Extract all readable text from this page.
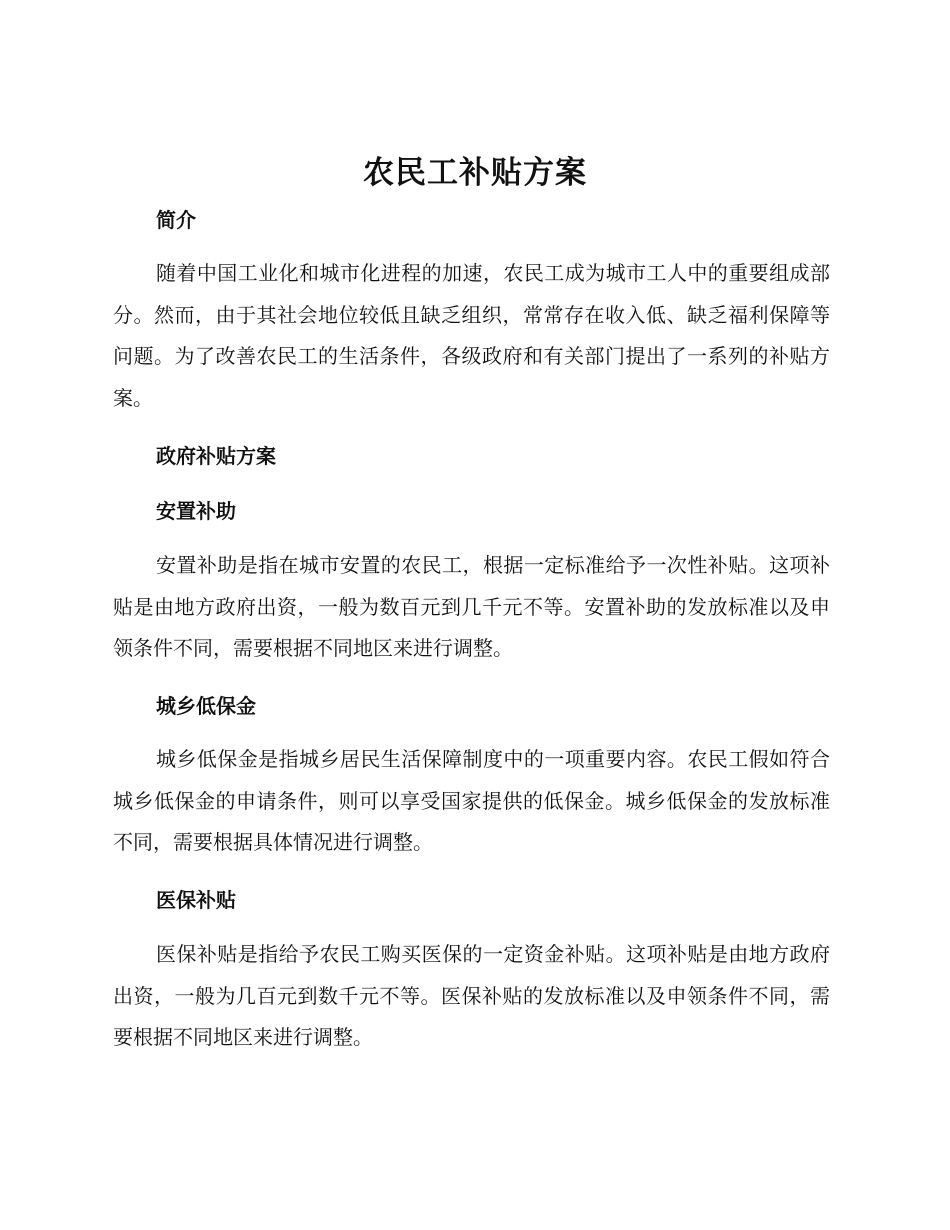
农民工补贴方案
简介

随着中国工业化和城市化进程的加速，农民工成为城市工人中的重要组成部分。然而，由于其社会地位较低且缺乏组织，常常存在收入低、缺乏福利保障等问题。为了改善农民工的生活条件，各级政府和有关部门提出了一系列的补贴方案。

政府补贴方案
安置补助

安置补助是指在城市安置的农民工，根据一定标准给予一次性补贴。这项补贴是由地方政府出资，一般为数百元到几千元不等。安置补助的发放标准以及申领条件不同，需要根据不同地区来进行调整。

城乡低保金

城乡低保金是指城乡居民生活保障制度中的一项重要内容。农民工假如符合城乡低保金的申请条件，则可以享受国家提供的低保金。城乡低保金的发放标准不同，需要根据具体情况进行调整。

医保补贴

医保补贴是指给予农民工购买医保的一定资金补贴。这项补贴是由地方政府出资，一般为几百元到数千元不等。医保补贴的发放标准以及申领条件不同，需要根据不同地区来进行调整。
